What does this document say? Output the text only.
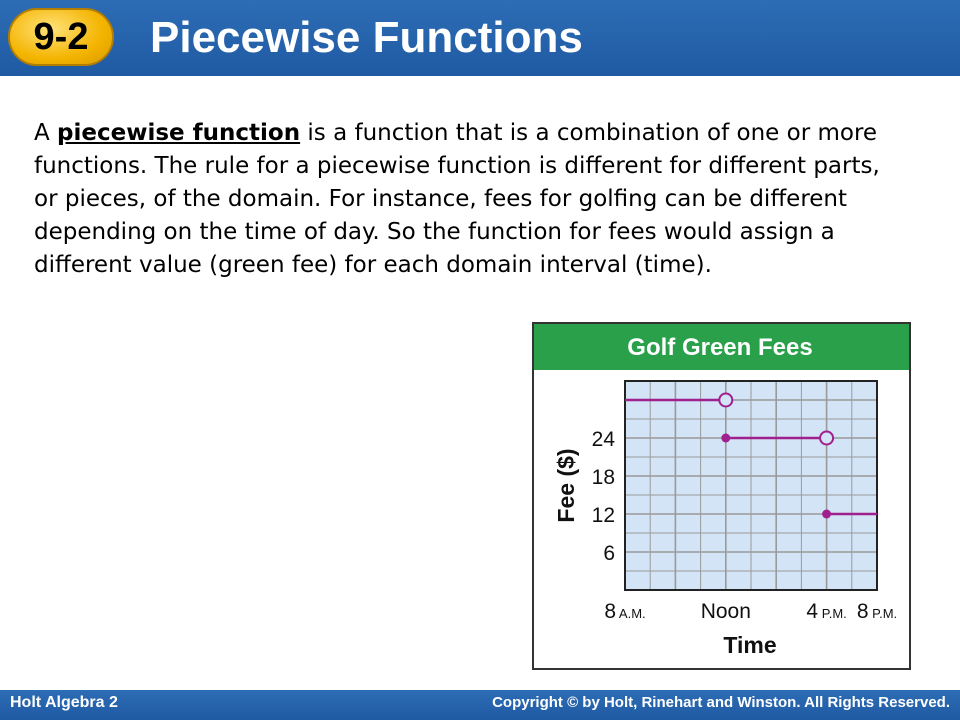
9-2	Piecewise Functions
A piecewise function is a function that is a combination of one or more functions. The rule for a piecewise function is different for different parts, or pieces, of the domain. For instance, fees for golfing can be different depending on the time of day. So the function for fees would assign a different value (green fee) for each domain interval (time).
Golf Green Fees
6
12
18
24
8 A.M.	Noon	4 P.M. 8 P.M.
Time
Fee ($)
Holt Algebra 2	Copyright © by Holt, Rinehart and Winston. All Rights Reserved.
